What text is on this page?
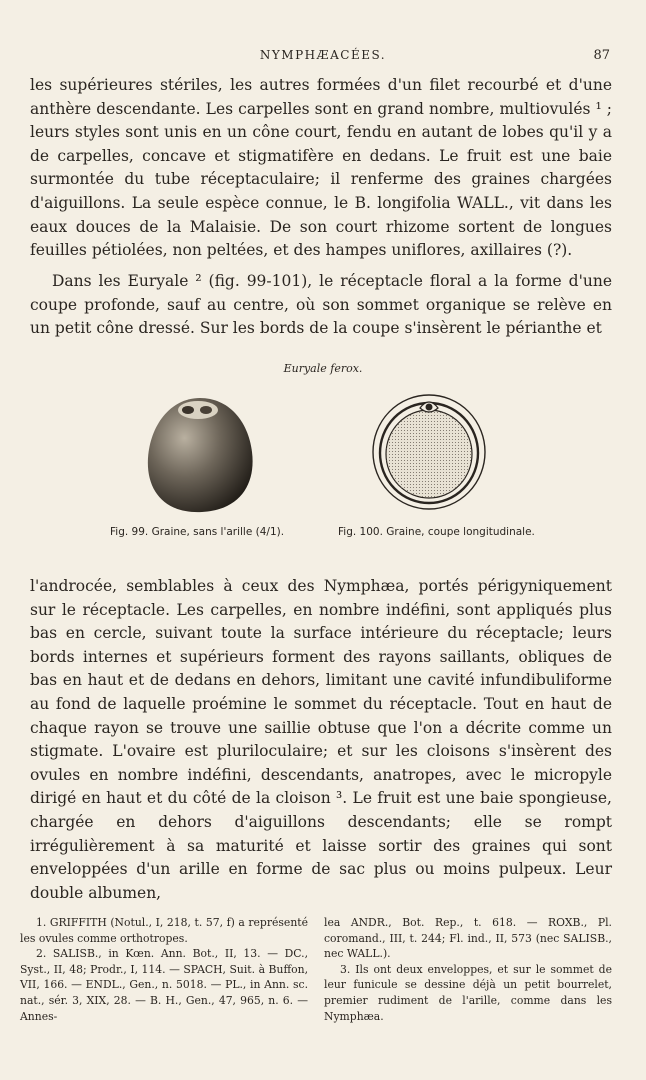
NYMPHÆACÉES.	87

les supérieures stériles, les autres formées d'un filet recourbé et d'une anthère descendante. Les carpelles sont en grand nombre, multiovulés ¹ ; leurs styles sont unis en un cône court, fendu en autant de lobes qu'il y a de carpelles, concave et stigmatifère en dedans. Le fruit est une baie surmontée du tube réceptaculaire; il renferme des graines chargées d'aiguillons. La seule espèce connue, le B. longifolia WALL., vit dans les eaux douces de la Malaisie. De son court rhizome sortent de longues feuilles pétiolées, non peltées, et des hampes uniflores, axillaires (?).

Dans les Euryale ² (fig. 99-101), le réceptacle floral a la forme d'une coupe profonde, sauf au centre, où son sommet organique se relève en un petit cône dressé. Sur les bords de la coupe s'insèrent le périanthe et

Euryale ferox.
Fig. 99. Graine, sans l'arille (4/1).	Fig. 100. Graine, coupe longitudinale.

l'androcée, semblables à ceux des Nymphæa, portés périgyniquement sur le réceptacle. Les carpelles, en nombre indéfini, sont appliqués plus bas en cercle, suivant toute la surface intérieure du réceptacle; leurs bords internes et supérieurs forment des rayons saillants, obliques de bas en haut et de dedans en dehors, limitant une cavité infundibuliforme au fond de laquelle proémine le sommet du réceptacle. Tout en haut de chaque rayon se trouve une saillie obtuse que l'on a décrite comme un stigmate. L'ovaire est pluriloculaire; et sur les cloisons s'insèrent des ovules en nombre indéfini, descendants, anatropes, avec le micropyle dirigé en haut et du côté de la cloison ³. Le fruit est une baie spongieuse, chargée en dehors d'aiguillons descendants; elle se rompt irrégulièrement à sa maturité et laisse sortir des graines qui sont enveloppées d'un arille en forme de sac plus ou moins pulpeux. Leur double albumen,

1. GRIFFITH (Notul., I, 218, t. 57, f) a représenté les ovules comme orthotropes.

2. SALISB., in Kœn. Ann. Bot., II, 13. — DC., Syst., II, 48; Prodr., I, 114. — SPACH, Suit. à Buffon, VII, 166. — ENDL., Gen., n. 5018. — PL., in Ann. sc. nat., sér. 3, XIX, 28. — B. H., Gen., 47, 965, n. 6. — Annes-

lea ANDR., Bot. Rep., t. 618. — ROXB., Pl. coromand., III, t. 244; Fl. ind., II, 573 (nec SALISB., nec WALL.).

3. Ils ont deux enveloppes, et sur le sommet de leur funicule se dessine déjà un petit bourrelet, premier rudiment de l'arille, comme dans les Nymphæa.
